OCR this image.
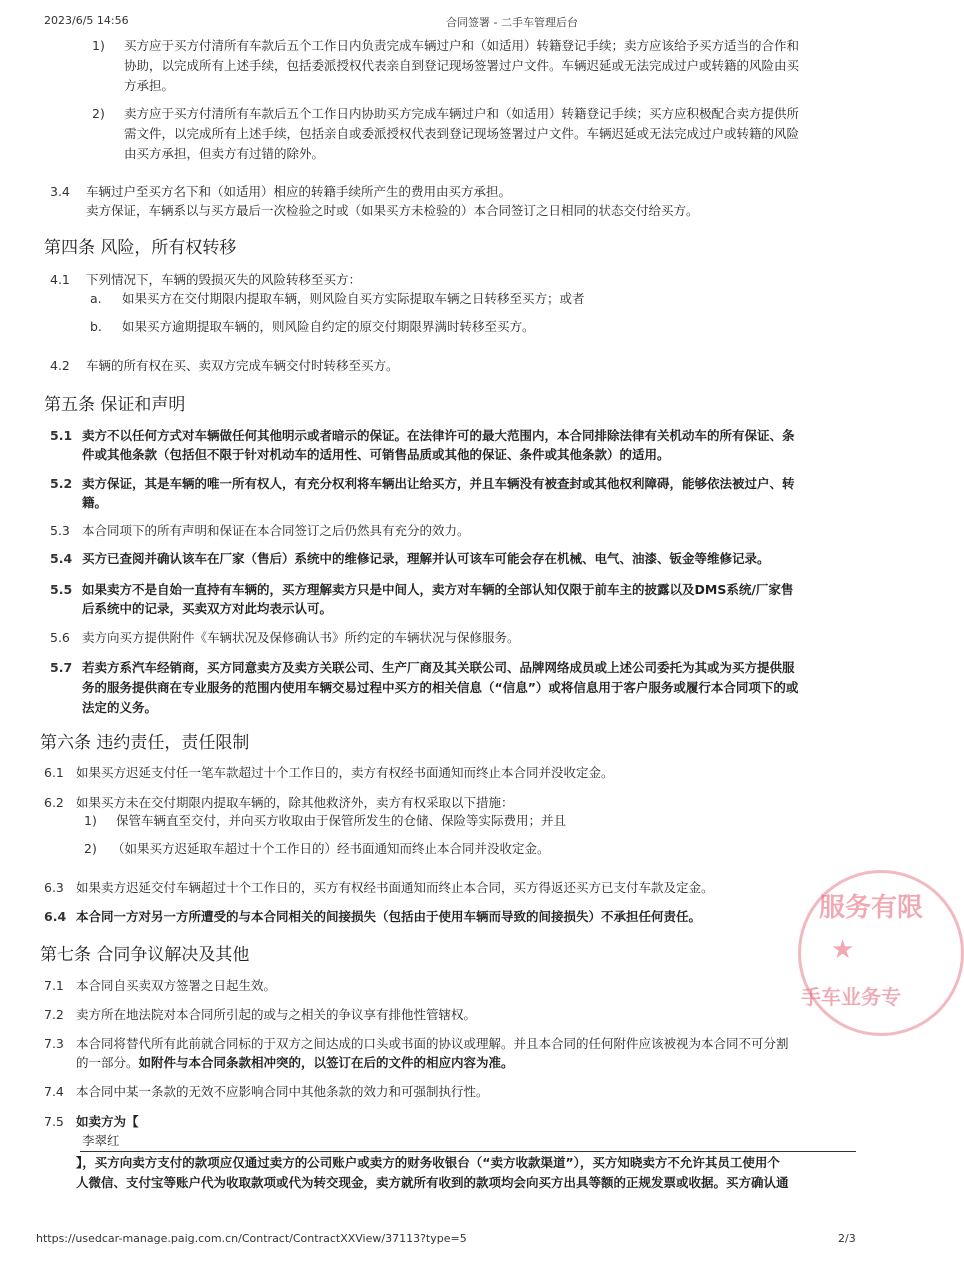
2023/6/5 14:56	合同签署 - 二手车管理后台
1) 买方应于买方付清所有车款后五个工作日内负责完成车辆过户和（如适用）转籍登记手续；卖方应该给予买方适当的合作和
协助，以完成所有上述手续，包括委派授权代表亲自到登记现场签署过户文件。车辆迟延或无法完成过户或转籍的风险由买
方承担。
2) 卖方应于买方付清所有车款后五个工作日内协助买方完成车辆过户和（如适用）转籍登记手续；买方应积极配合卖方提供所
需文件，以完成所有上述手续，包括亲自或委派授权代表到登记现场签署过户文件。车辆迟延或无法完成过户或转籍的风险
由买方承担，但卖方有过错的除外。
3.4 车辆过户至买方名下和（如适用）相应的转籍手续所产生的费用由买方承担。
卖方保证，车辆系以与买方最后一次检验之时或（如果买方未检验的）本合同签订之日相同的状态交付给买方。
第四条 风险，所有权转移
4.1 下列情况下，车辆的毁损灭失的风险转移至买方：
a. 如果买方在交付期限内提取车辆，则风险自买方实际提取车辆之日转移至买方；或者
b. 如果买方逾期提取车辆的，则风险自约定的原交付期限界满时转移至买方。
4.2 车辆的所有权在买、卖双方完成车辆交付时转移至买方。
第五条 保证和声明
5.1 卖方不以任何方式对车辆做任何其他明示或者暗示的保证。在法律许可的最大范围内，本合同排除法律有关机动车的所有保证、条
件或其他条款（包括但不限于针对机动车的适用性、可销售品质或其他的保证、条件或其他条款）的适用。
5.2 卖方保证，其是车辆的唯一所有权人，有充分权利将车辆出让给买方，并且车辆没有被查封或其他权利障碍，能够依法被过户、转
籍。
5.3 本合同项下的所有声明和保证在本合同签订之后仍然具有充分的效力。
5.4 买方已查阅并确认该车在厂家（售后）系统中的维修记录，理解并认可该车可能会存在机械、电气、油漆、钣金等维修记录。
5.5 如果卖方不是自始一直持有车辆的，买方理解卖方只是中间人，卖方对车辆的全部认知仅限于前车主的披露以及DMS系统/厂家售
后系统中的记录，买卖双方对此均表示认可。
5.6 卖方向买方提供附件《车辆状况及保修确认书》所约定的车辆状况与保修服务。
5.7 若卖方系汽车经销商，买方同意卖方及卖方关联公司、生产厂商及其关联公司、品牌网络成员或上述公司委托为其或为买方提供服
务的服务提供商在专业服务的范围内使用车辆交易过程中买方的相关信息（“信息”）或将信息用于客户服务或履行本合同项下的或
法定的义务。
第六条 违约责任，责任限制
6.1 如果买方迟延支付任一笔车款超过十个工作日的，卖方有权经书面通知而终止本合同并没收定金。
6.2 如果买方未在交付期限内提取车辆的，除其他救济外，卖方有权采取以下措施：
1) 保管车辆直至交付，并向买方收取由于保管所发生的仓储、保险等实际费用；并且
2) （如果买方迟延取车超过十个工作日的）经书面通知而终止本合同并没收定金。
6.3 如果卖方迟延交付车辆超过十个工作日的，买方有权经书面通知而终止本合同，买方得返还买方已支付车款及定金。
6.4 本合同一方对另一方所遭受的与本合同相关的间接损失（包括由于使用车辆而导致的间接损失）不承担任何责任。
第七条 合同争议解决及其他
7.1 本合同自买卖双方签署之日起生效。
7.2 卖方所在地法院对本合同所引起的或与之相关的争议享有排他性管辖权。
7.3 本合同将替代所有此前就合同标的于双方之间达成的口头或书面的协议或理解。并且本合同的任何附件应该被视为本合同不可分割
的一部分。如附件与本合同条款相冲突的，以签订在后的文件的相应内容为准。
7.4 本合同中某一条款的无效不应影响合同中其他条款的效力和可强制执行性。
7.5 如卖方为【
李翠红
】，买方向卖方支付的款项应仅通过卖方的公司账户或卖方的财务收银台（“卖方收款渠道”），买方知晓卖方不允许其员工使用个
人微信、支付宝等账户代为收取款项或代为转交现金，卖方就所有收到的款项均会向买方出具等额的正规发票或收据。买方确认通
服务有限
★
手车业务专
https://usedcar-manage.paig.com.cn/Contract/ContractXXView/37113?type=5	2/3
